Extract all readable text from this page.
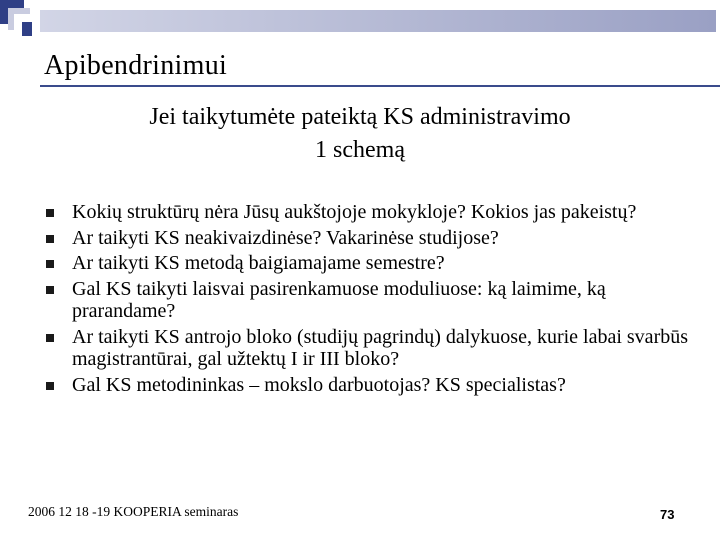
Apibendrinimui
Jei taikytumėte pateiktą KS administravimo
1 schemą
Kokių struktūrų nėra Jūsų aukštojoje mokykloje? Kokios jas pakeistų?
Ar taikyti KS neakivaizdinėse? Vakarinėse studijose?
Ar taikyti KS metodą baigiamajame semestre?
Gal KS taikyti laisvai pasirenkamuose moduliuose: ką laimime, ką prarandame?
Ar taikyti KS antrojo bloko (studijų pagrindų) dalykuose, kurie labai svarbūs magistrantūrai, gal užtektų I ir III bloko?
Gal KS metodininkas – mokslo darbuotojas? KS specialistas?
2006 12 18 -19 KOOPERIA seminaras	73
